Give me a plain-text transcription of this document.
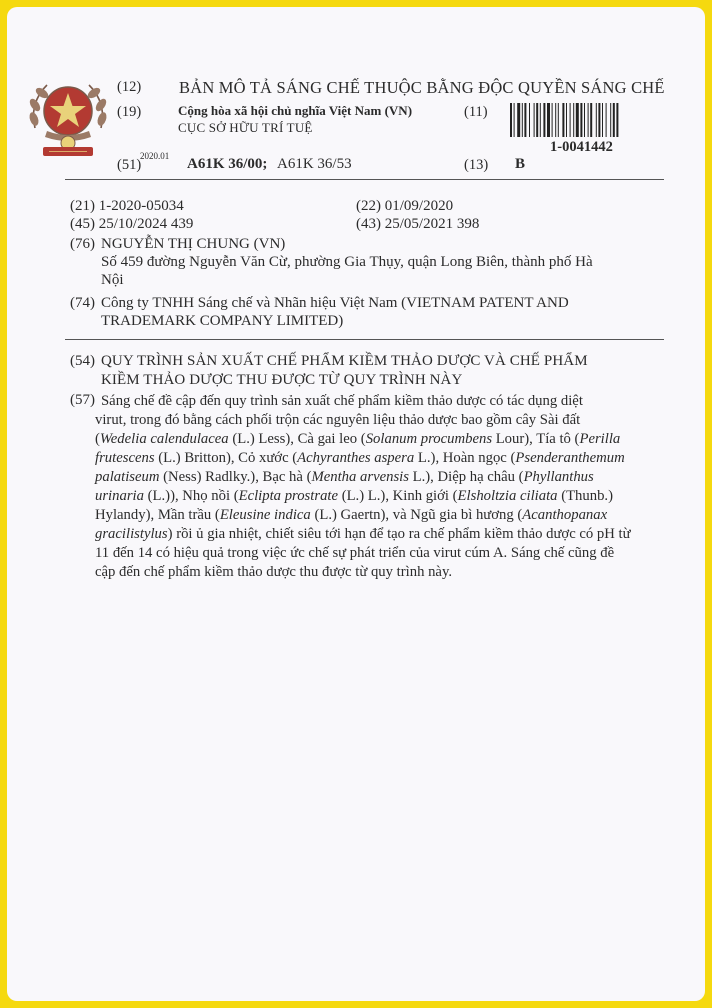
(12) BẢN MÔ TẢ SÁNG CHẾ THUỘC BẰNG ĐỘC QUYỀN SÁNG CHẾ
(19)	Cộng hòa xã hội chủ nghĩa Việt Nam (VN)	(11)
CỤC SỞ HỮU TRÍ TUỆ
1-0041442
(51)
2020.01 A61K 36/00; A61K 36/53	(13) B
(21) 1-2020-05034	(22) 01/09/2020
(45) 25/10/2024 439	(43) 25/05/2021 398
(76) NGUYỄN THỊ CHUNG (VN)
Số 459 đường Nguyễn Văn Cừ, phường Gia Thụy, quận Long Biên, thành phố Hà
Nội
(74) Công ty TNHH Sáng chế và Nhãn hiệu Việt Nam (VIETNAM PATENT AND
TRADEMARK COMPANY LIMITED)
(54) QUY TRÌNH SẢN XUẤT CHẾ PHẨM KIỀM THẢO DƯỢC VÀ CHẾ PHẨM
KIỀM THẢO DƯỢC THU ĐƯỢC TỪ QUY TRÌNH NÀY
(57) Sáng chế đề cập đến quy trình sản xuất chế phẩm kiềm thảo dược có tác dụng diệt
virut, trong đó bằng cách phối trộn các nguyên liệu thảo dược bao gồm cây Sài đất
(Wedelia calendulacea (L.) Less), Cà gai leo (Solanum procumbens Lour), Tía tô (Perilla
frutescens (L.) Britton), Cỏ xước (Achyranthes aspera L.), Hoàn ngọc (Psenderanthemum
palatiseum (Ness) Radlky.), Bạc hà (Mentha arvensis L.), Diệp hạ châu (Phyllanthus
urinaria (L.)), Nhọ nồi (Eclipta prostrate (L.) L.), Kinh giới (Elsholtzia ciliata (Thunb.)
Hylandy), Mần trầu (Eleusine indica (L.) Gaertn), và Ngũ gia bì hương (Acanthopanax
gracilistylus) rồi ủ gia nhiệt, chiết siêu tới hạn để tạo ra chế phẩm kiềm thảo dược có pH từ
11 đến 14 có hiệu quả trong việc ức chế sự phát triển của virut cúm A. Sáng chế cũng đề
cập đến chế phẩm kiềm thảo dược thu được từ quy trình này.
